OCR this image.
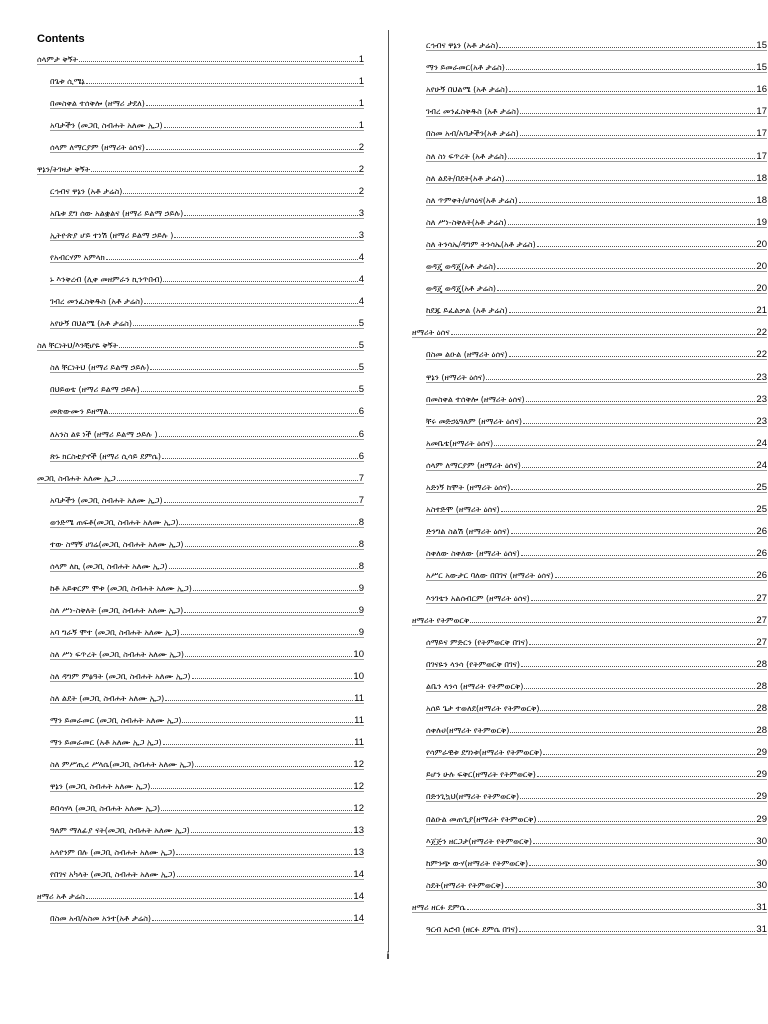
Contents
ሰላምታ ቅኝት	1
በጌቱ ሲሜኔ	1
በመስቀል ተሰቅሎ (ዘማሪ ታደለ)	1
አባታችን (መጋቢ ስብሐት አለሙ ኢጋ)	1
ሰላም ለማርያም (ዘማሪት ዕሰና)	2
ዋኔን/ትገዛታ ቅኝት	2
ርኅብና ዋኔን (አቶ ታሬስ)	2
አቤቱ ደግ ሰው አልቋልና (ዘማሪ ይልማ ኃይሉ)	3
ኢትዮጵያ ሆይ ተነሽ (ዘማሪ ይልማ ኃይሉ )	3
የአብርሃም አምላክ	4
ኑ እንቅረብ (ሊቀ መዘምራን ኪንጥበብ)	4
ገብረ መንፈስቅዱስ (አቶ ታሬስ)	4
አየሁኝ በህልሜ (አቶ ታሬስ)	5
ስለ ቸርነትህ/እንቺሆዬ ቅኝት	5
ስለ ቸርነትህ (ዘማሪ ይልማ ኃይሉ)	5
በህይወቴ (ዘማሪ ይልማ ኃይሉ)	5
መጽውሙን ይዘማል	6
ለአንስ ልዩ ነች (ዘማሪ ይልማ ኃይሉ )	6
ጽኑ ክርስቲያኖች (ዘማሪ ሲሳይ ደምሴ)	6
መጋቢ ስብሐት አለሙ ኢጋ	7
አባታችን (መጋቢ ስብሐት አለሙ ኢጋ)	7
ወንድሜ ጠፍቶ(መጋቢ ስብሐት አለሙ ኢጋ)	8
ተው ስማኝ ሀገሬ(መጋቢ ስብሐት አለሙ ኢጋ)	8
ሰላም ለኪ (መጋቢ ስብሐት አለሙ ኢጋ)	8
ከቶ አይቀርም ሞቱ (መጋቢ ስብሐት አለሙ ኢጋ)	9
ስለ ሥነ-ስቅለት (መጋቢ ስብሐት አለሙ ኢጋ)	9
አባ ግራኝ ሞተ (መጋቢ ስብሐት አለሙ ኢጋ)	9
ስለ ሥነ ፍጥረት (መጋቢ ስብሐት አለሙ ኢጋ)	10
ስለ ዳግም ምፅዓት (መጋቢ ስብሐት አለሙ ኢጋ)	10
ስለ ልደት (መጋቢ ስብሐት አለሙ ኢጋ)	11
ማን ይመራመር (መጋቢ ስብሐት አለሙ ኢጋ)	11
ማን ይመራመር (አቶ አለሙ ኢጋ ኢጋ)	11
ስለ ምሥጢረ ሥላሴ(መጋቢ ስብሐት አለሙ ኢጋ)	12
ዋኔን (መጋቢ ስብሐት አለሙ ኢጋ)	12
ይበሳሃላ (መጋቢ ስብሐት አለሙ ኢጋ)	12
ዓለም ማለፊያ ናት(መጋቢ ስብሐት አለሙ ኢጋ)	13
አላየንም በሉ (መጋቢ ስብሐት አለሙ ኢጋ)	13
የበገና አካላት (መጋቢ ስብሐት አለሙ ኢጋ)	14
ዘማሪ አቶ ታሬስ	14
በስመ አብ/አስመ አንተ(አቶ ታሬስ)	14
ርኅብና ዋኔን (አቶ ታሬስ)	15
ማን ይመራመር(አቶ ታሬስ)	15
አየሁኝ በህልሜ (አቶ ታሬስ)	16
ገብረ መንፈስቅዱስ (አቶ ታሬስ)	17
በስመ አብ/አባታችን(አቶ ታሬስ)	17
ስለ ስነ ፍጥረት (አቶ ታሬስ)	17
ስለ ልደት/በደት(አቶ ታሬስ)	18
ስለ ጥምቀት/ሆሳዕና(አቶ ታሬስ)	18
ስለ ሥነ-ስቅለት(አቶ ታሬስ)	19
ስለ ትንሳኤ/ዳግም ትንሳኤ(አቶ ታሬስ)	20
ወዳጄ ወዳጄ(አቶ ታሬስ)	20
ወዳጄ ወዳጄ(አቶ ታሬስ)	20
ከደጁ ይፈልቃል (አቶ ታሬስ)	21
ዘማሪት ዕሰና	22
በስመ ልዑል (ዘማሪት ዕሰና)	22
ዋኔን (ዘማሪት ዕሰና)	23
በመስቀል ተሰቅሎ (ዘማሪት ዕሰና)	23
ቸሩ መድኃኒዓለም (ዘማሪት ዕሰና)	23
አመቤቴ(ዘማሪት ዕሰና)	24
ሰላም ለማርያም (ዘማሪት ዕሰና)	24
አድነኝ ከሞት (ዘማሪት ዕሰና)	25
አስተድሞ (ዘማሪት ዕሰና)	25
ድንግል ስልሽ (ዘማሪት ዕሰና)	26
ስቀለው ስቀለው (ዘማሪት ዕሰና)	26
አሥር አውታር ባለው በበገና (ዘማሪት ዕሰና)	26
እንገቴን አልሰብርም (ዘማሪት ዕሰና)	27
ዘማሪት የትምወርቅ	27
ሰማይና ምድርን (የትምወርቅ በገና)	27
በገናዬን ላንሳ (የትምወርቅ በገና)	28
ልቤን ላንሳ (ዘማሪት የትምወርቅ)	28
አሰይ ጌታ ተወለደ(ዘማሪት የትምወርቅ)	28
ሰቀሉሀ(ዘማሪት የትምወርቅ)	28
የሳምራዊቱ ደግነቱ(ዘማሪት የትምወርቅ)	29
ይሆን ሁሉ ፍቅር(ዘማሪት የትምወርቅ)	29
በድንጊኳህ(ዘማሪት የትምወርቅ)	29
በልዑል መጠጊያ(ዘማሪት የትምወርቅ)	29
እጀጅን ዘርጋታ(ዘማሪት የትምወርቅ)	30
ከምንጭ ውሃ(ዘማሪት የትምወርቅ)	30
ስደት(ዘማሪት የትምወርቅ)	30
ዘማሪ ዘርፉ ደምሴ	31
ዓርብ አሮብ (ዘርፉ ደምሴ በገና)	31
i
